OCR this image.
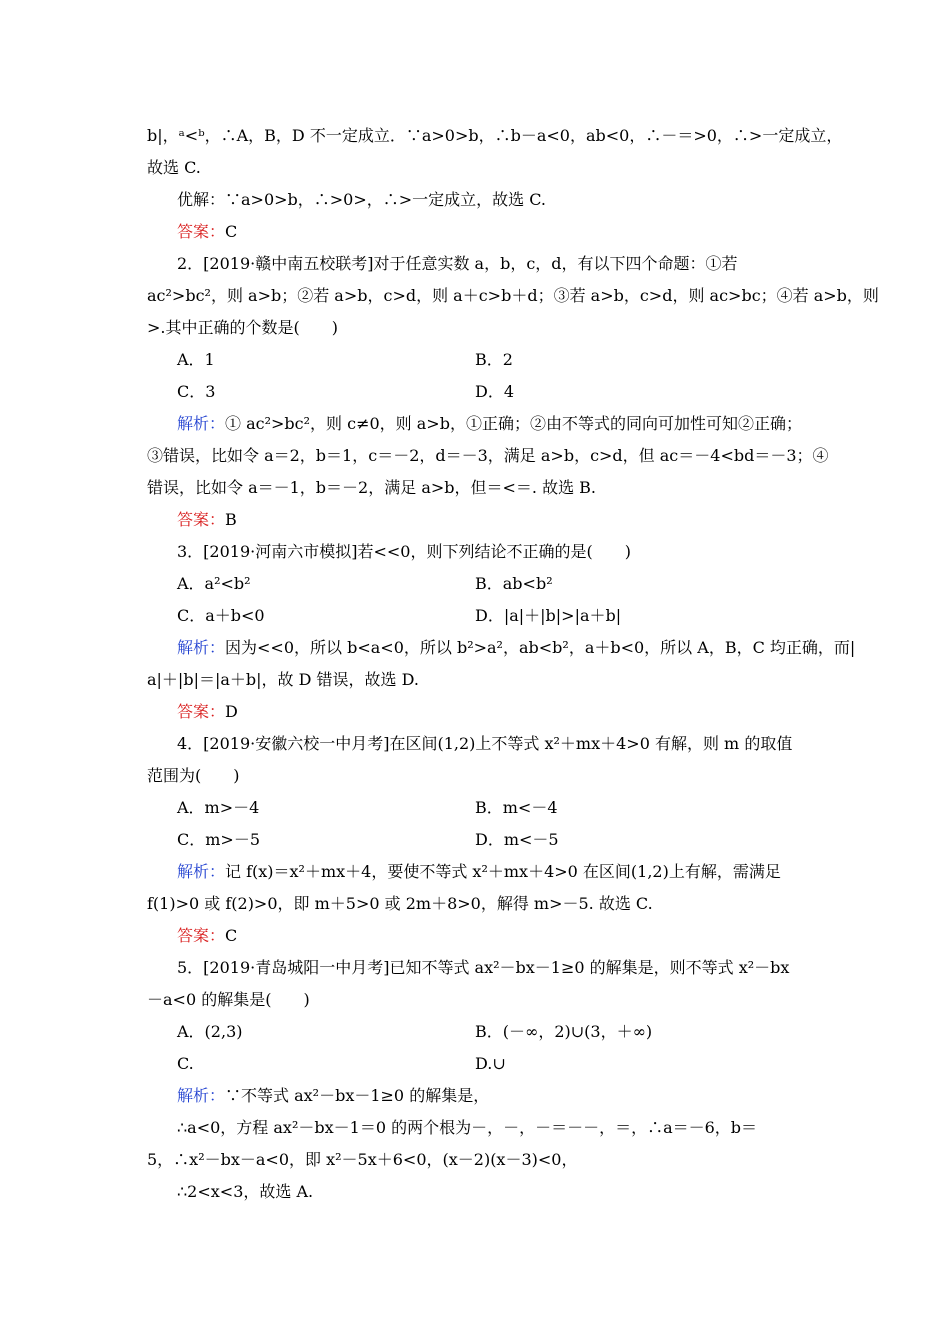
b|，ᵃ<ᵇ，∴A，B，D 不一定成立．∵a>0>b，∴b－a<0，ab<0，∴－＝>0，∴>一定成立，
故选 C.
优解：∵a>0>b，∴>0>，∴>一定成立，故选 C.
答案：C
2．[2019·赣中南五校联考]对于任意实数 a，b，c，d，有以下四个命题：①若
ac²>bc²，则 a>b；②若 a>b，c>d，则 a＋c>b＋d；③若 a>b，c>d，则 ac>bc；④若 a>b，则
>.其中正确的个数是(　　)
A．1	B．2
C．3	D．4
解析：① ac²>bc²，则 c≠0，则 a>b，①正确；②由不等式的同向可加性可知②正确；
③错误，比如令 a＝2，b＝1，c＝－2，d＝－3，满足 a>b，c>d，但 ac＝－4<bd＝－3；④
错误，比如令 a＝－1，b＝－2，满足 a>b，但＝<＝. 故选 B.
答案：B
3．[2019·河南六市模拟]若<<0，则下列结论不正确的是(　　)
A．a²<b²	B．ab<b²
C．a＋b<0	D．|a|＋|b|>|a＋b|
解析：因为<<0，所以 b<a<0，所以 b²>a²，ab<b²，a＋b<0，所以 A，B，C 均正确，而|
a|＋|b|＝|a＋b|，故 D 错误，故选 D.
答案：D
4．[2019·安徽六校一中月考]在区间(1,2)上不等式 x²＋mx＋4>0 有解，则 m 的取值
范围为(　　)
A．m>－4	B．m<－4
C．m>－5	D．m<－5
解析：记 f(x)＝x²＋mx＋4，要使不等式 x²＋mx＋4>0 在区间(1,2)上有解，需满足
f(1)>0 或 f(2)>0，即 m＋5>0 或 2m＋8>0，解得 m>－5. 故选 C.
答案：C
5．[2019·青岛城阳一中月考]已知不等式 ax²－bx－1≥0 的解集是，则不等式 x²－bx
－a<0 的解集是(　　)
A．(2,3)	B．(－∞，2)∪(3，＋∞)
C.	D.∪
解析：∵不等式 ax²－bx－1≥0 的解集是，
∴a<0，方程 ax²－bx－1＝0 的两个根为－，－，－＝－－，＝，∴a＝－6，b＝
5，∴x²－bx－a<0，即 x²－5x＋6<0，(x－2)(x－3)<0，
∴2<x<3，故选 A.
